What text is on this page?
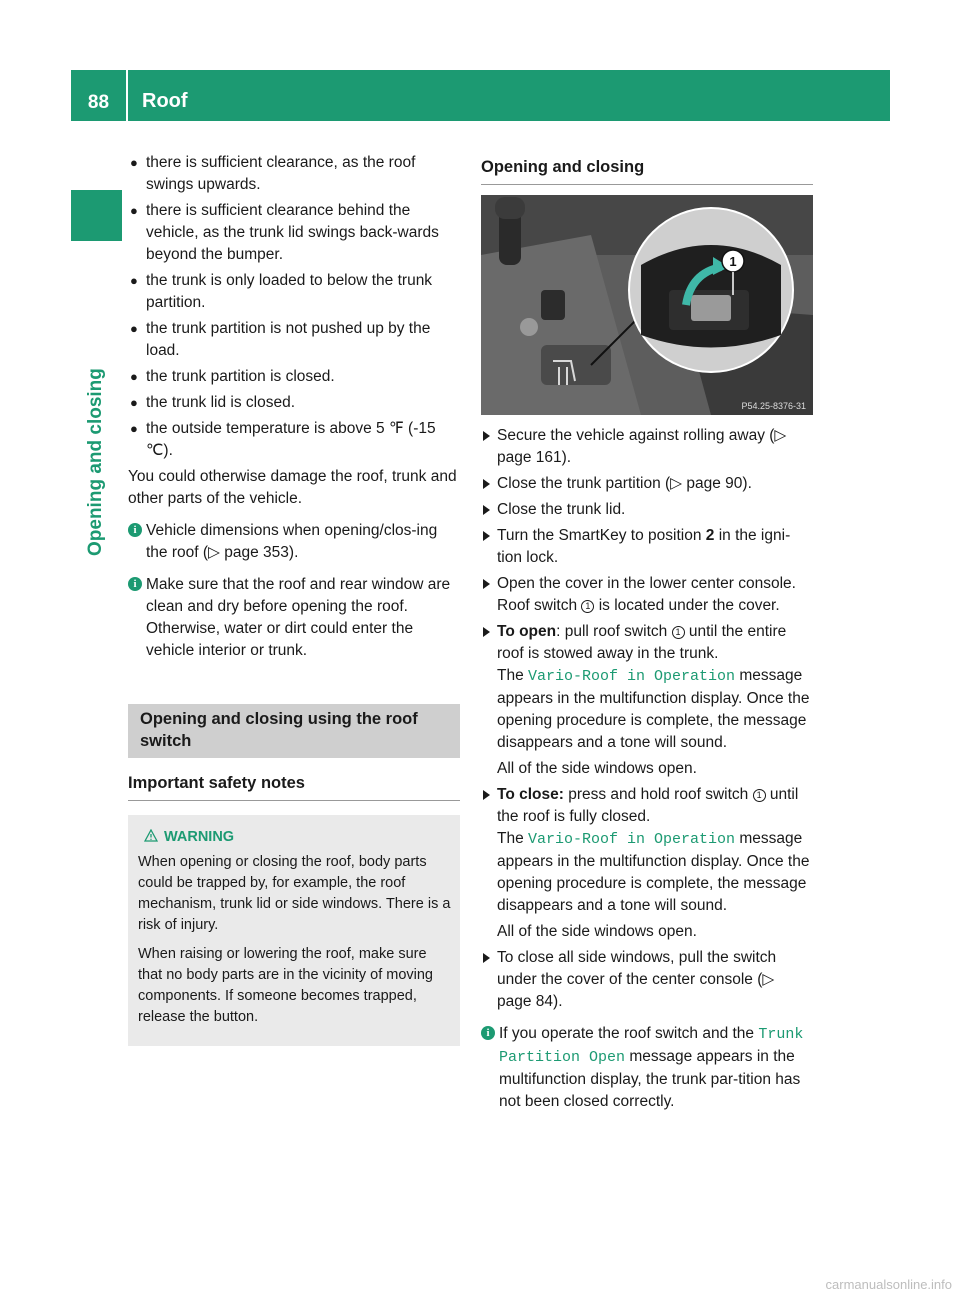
88	Roof
Opening and closing
● there is sufficient clearance, as the roof swings upwards.
● there is sufficient clearance behind the vehicle, as the trunk lid swings back-wards beyond the bumper.
● the trunk is only loaded to below the trunk partition.
● the trunk partition is not pushed up by the load.
● the trunk partition is closed.
● the trunk lid is closed.
● the outside temperature is above 5 ℉ (-15 ℃).
You could otherwise damage the roof, trunk and other parts of the vehicle.
i Vehicle dimensions when opening/clos-ing the roof (▷ page 353).
i Make sure that the roof and rear window are clean and dry before opening the roof. Otherwise, water or dirt could enter the vehicle interior or trunk.
Opening and closing using the roof switch
Important safety notes
WARNING

When opening or closing the roof, body parts could be trapped by, for example, the roof mechanism, trunk lid or side windows. There is a risk of injury.

When raising or lowering the roof, make sure that no body parts are in the vicinity of moving components. If someone becomes trapped, release the button.

Opening and closing
1
P54.25-8376-31
Secure the vehicle against rolling away (▷ page 161).
Close the trunk partition (▷ page 90).
Close the trunk lid.
Turn the SmartKey to position 2 in the igni-tion lock.
Open the cover in the lower center console. Roof switch 1 is located under the cover.
To open: pull roof switch 1 until the entire roof is stowed away in the trunk.
The Vario-Roof in Operation message appears in the multifunction display. Once the opening procedure is complete, the message disappears and a tone will sound.
All of the side windows open.
To close: press and hold roof switch 1 until the roof is fully closed.
The Vario-Roof in Operation message appears in the multifunction display. Once the opening procedure is complete, the message disappears and a tone will sound.
All of the side windows open.
To close all side windows, pull the switch under the cover of the center console (▷ page 84).
i If you operate the roof switch and the Trunk Partition Open message appears in the multifunction display, the trunk par-tition has not been closed correctly.
carmanualsonline.info
